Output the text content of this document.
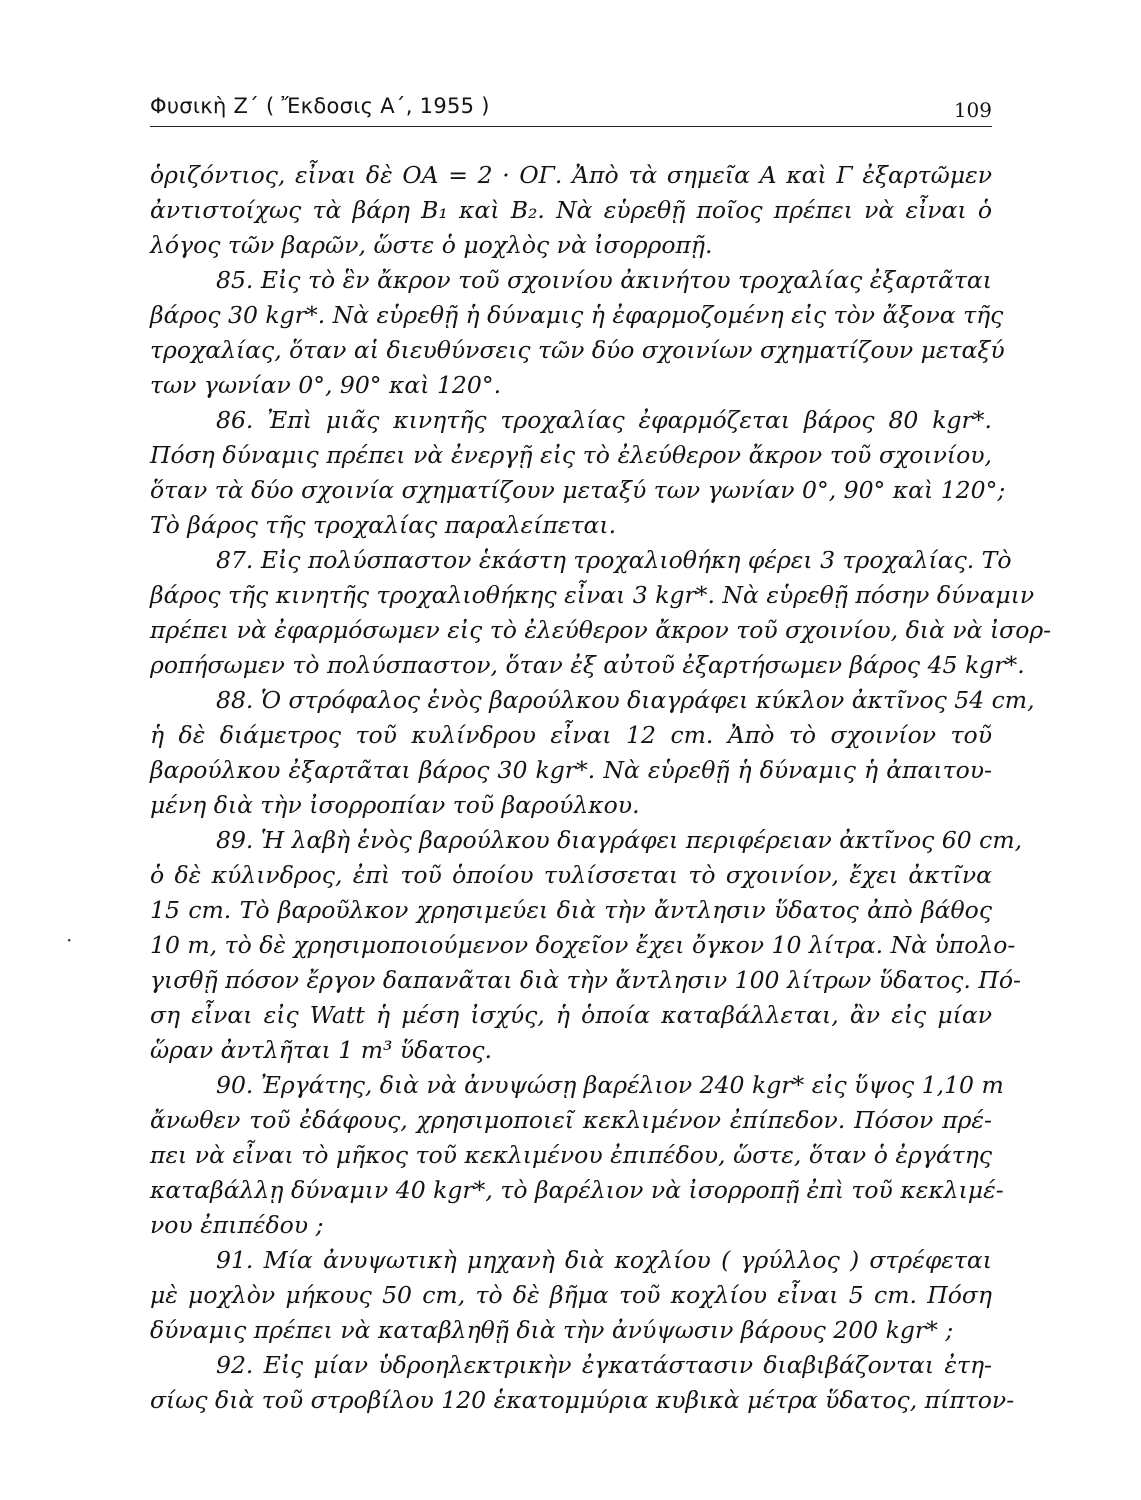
Φυσικὴ Ζ΄ ( Ἔκδοσις Α΄, 1955 )	109
ὁριζόντιος, εἶναι δὲ ΟΑ = 2 · ΟΓ. Ἀπὸ τὰ σημεῖα Α καὶ Γ ἐξαρτῶμεν
ἀντιστοίχως τὰ βάρη B₁ καὶ B₂. Νὰ εὑρεθῇ ποῖος πρέπει νὰ εἶναι ὁ
λόγος τῶν βαρῶν, ὥστε ὁ μοχλὸς νὰ ἰσορροπῇ.
85. Εἰς τὸ ἓν ἄκρον τοῦ σχοινίου ἀκινήτου τροχαλίας ἐξαρτᾶται
βάρος 30 kgr*. Νὰ εὑρεθῇ ἡ δύναμις ἡ ἐφαρμοζομένη εἰς τὸν ἄξονα τῆς
τροχαλίας, ὅταν αἱ διευθύνσεις τῶν δύο σχοινίων σχηματίζουν μεταξύ
των γωνίαν 0°, 90° καὶ 120°.
86. Ἐπὶ μιᾶς κινητῆς τροχαλίας ἐφαρμόζεται βάρος 80 kgr*.
Πόση δύναμις πρέπει νὰ ἐνεργῇ εἰς τὸ ἐλεύθερον ἄκρον τοῦ σχοινίου,
ὅταν τὰ δύο σχοινία σχηματίζουν μεταξύ των γωνίαν 0°, 90° καὶ 120°;
Τὸ βάρος τῆς τροχαλίας παραλείπεται.
87. Εἰς πολύσπαστον ἑκάστη τροχαλιοθήκη φέρει 3 τροχαλίας. Τὸ
βάρος τῆς κινητῆς τροχαλιοθήκης εἶναι 3 kgr*. Νὰ εὑρεθῇ πόσην δύναμιν
πρέπει νὰ ἐφαρμόσωμεν εἰς τὸ ἐλεύθερον ἄκρον τοῦ σχοινίου, διὰ νὰ ἰσορ-
ροπήσωμεν τὸ πολύσπαστον, ὅταν ἐξ αὐτοῦ ἐξαρτήσωμεν βάρος 45 kgr*.
88. Ὁ στρόφαλος ἑνὸς βαρούλκου διαγράφει κύκλον ἀκτῖνος 54 cm,
ἡ δὲ διάμετρος τοῦ κυλίνδρου εἶναι 12 cm. Ἀπὸ τὸ σχοινίον τοῦ
βαρούλκου ἐξαρτᾶται βάρος 30 kgr*. Νὰ εὑρεθῇ ἡ δύναμις ἡ ἀπαιτου-
μένη διὰ τὴν ἰσορροπίαν τοῦ βαρούλκου.
89. Ἡ λαβὴ ἑνὸς βαρούλκου διαγράφει περιφέρειαν ἀκτῖνος 60 cm,
ὁ δὲ κύλινδρος, ἐπὶ τοῦ ὁποίου τυλίσσεται τὸ σχοινίον, ἔχει ἀκτῖνα
15 cm. Τὸ βαροῦλκον χρησιμεύει διὰ τὴν ἄντλησιν ὕδατος ἀπὸ βάθος
10 m, τὸ δὲ χρησιμοποιούμενον δοχεῖον ἔχει ὄγκον 10 λίτρα. Νὰ ὑπολο-
γισθῇ πόσον ἔργον δαπανᾶται διὰ τὴν ἄντλησιν 100 λίτρων ὕδατος. Πό-
ση εἶναι εἰς Watt ἡ μέση ἰσχύς, ἡ ὁποία καταβάλλεται, ἂν εἰς μίαν
ὥραν ἀντλῆται 1 m³ ὕδατος.
90. Ἐργάτης, διὰ νὰ ἀνυψώσῃ βαρέλιον 240 kgr* εἰς ὕψος 1,10 m
ἄνωθεν τοῦ ἐδάφους, χρησιμοποιεῖ κεκλιμένον ἐπίπεδον. Πόσον πρέ-
πει νὰ εἶναι τὸ μῆκος τοῦ κεκλιμένου ἐπιπέδου, ὥστε, ὅταν ὁ ἐργάτης
καταβάλλῃ δύναμιν 40 kgr*, τὸ βαρέλιον νὰ ἰσορροπῇ ἐπὶ τοῦ κεκλιμέ-
νου ἐπιπέδου ;
91. Μία ἀνυψωτικὴ μηχανὴ διὰ κοχλίου ( γρύλλος ) στρέφεται
μὲ μοχλὸν μήκους 50 cm, τὸ δὲ βῆμα τοῦ κοχλίου εἶναι 5 cm. Πόση
δύναμις πρέπει νὰ καταβληθῇ διὰ τὴν ἀνύψωσιν βάρους 200 kgr* ;
92. Εἰς μίαν ὑδροηλεκτρικὴν ἐγκατάστασιν διαβιβάζονται ἐτη-
σίως διὰ τοῦ στροβίλου 120 ἑκατομμύρια κυβικὰ μέτρα ὕδατος, πίπτον-
·
